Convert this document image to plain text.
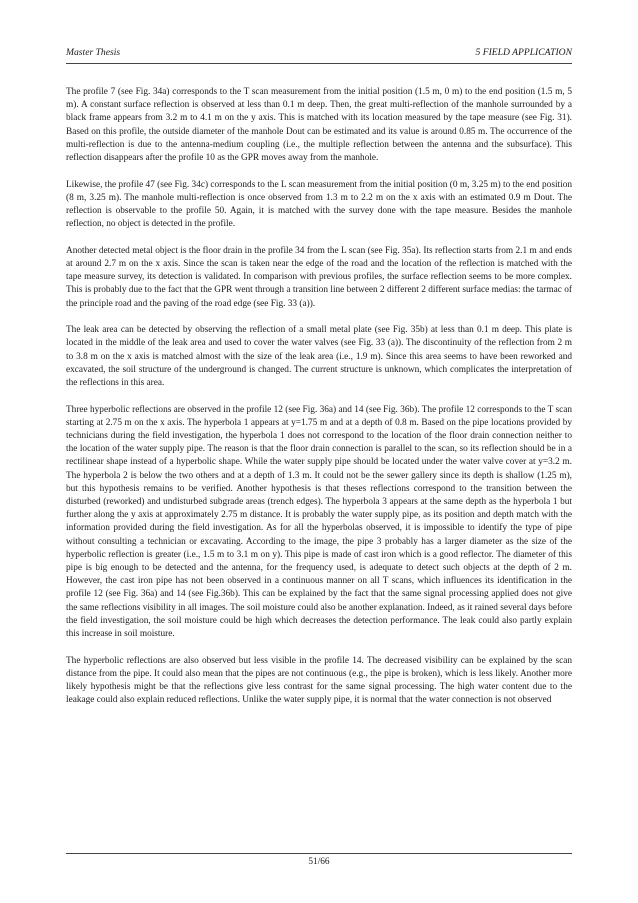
Master Thesis	5 FIELD APPLICATION

The profile 7 (see Fig. 34a) corresponds to the T scan measurement from the initial position (1.5 m, 0 m) to the end position (1.5 m, 5 m). A constant surface reflection is observed at less than 0.1 m deep. Then, the great multi-reflection of the manhole surrounded by a black frame appears from 3.2 m to 4.1 m on the y axis. This is matched with its location measured by the tape measure (see Fig. 31). Based on this profile, the outside diameter of the manhole Dout can be estimated and its value is around 0.85 m. The occurrence of the multi-reflection is due to the antenna-medium coupling (i.e., the multiple reflection between the antenna and the subsurface). This reflection disappears after the profile 10 as the GPR moves away from the manhole.

Likewise, the profile 47 (see Fig. 34c) corresponds to the L scan measurement from the initial position (0 m, 3.25 m) to the end position (8 m, 3.25 m). The manhole multi-reflection is once observed from 1.3 m to 2.2 m on the x axis with an estimated 0.9 m Dout. The reflection is observable to the profile 50. Again, it is matched with the survey done with the tape measure. Besides the manhole reflection, no object is detected in the profile.

Another detected metal object is the floor drain in the profile 34 from the L scan (see Fig. 35a). Its reflection starts from 2.1 m and ends at around 2.7 m on the x axis. Since the scan is taken near the edge of the road and the location of the reflection is matched with the tape measure survey, its detection is validated. In comparison with previous profiles, the surface reflection seems to be more complex. This is probably due to the fact that the GPR went through a transition line between 2 different 2 different surface medias: the tarmac of the principle road and the paving of the road edge (see Fig. 33 (a)).

The leak area can be detected by observing the reflection of a small metal plate (see Fig. 35b) at less than 0.1 m deep. This plate is located in the middle of the leak area and used to cover the water valves (see Fig. 33 (a)). The discontinuity of the reflection from 2 m to 3.8 m on the x axis is matched almost with the size of the leak area (i.e., 1.9 m). Since this area seems to have been reworked and excavated, the soil structure of the underground is changed. The current structure is unknown, which complicates the interpretation of the reflections in this area.

Three hyperbolic reflections are observed in the profile 12 (see Fig. 36a) and 14 (see Fig. 36b). The profile 12 corresponds to the T scan starting at 2.75 m on the x axis. The hyperbola 1 appears at y=1.75 m and at a depth of 0.8 m. Based on the pipe locations provided by technicians during the field investigation, the hyperbola 1 does not correspond to the location of the floor drain connection neither to the location of the water supply pipe. The reason is that the floor drain connection is parallel to the scan, so its reflection should be in a rectilinear shape instead of a hyperbolic shape. While the water supply pipe should be located under the water valve cover at y=3.2 m. The hyperbola 2 is below the two others and at a depth of 1.3 m. It could not be the sewer gallery since its depth is shallow (1.25 m), but this hypothesis remains to be verified. Another hypothesis is that theses reflections correspond to the transition between the disturbed (reworked) and undisturbed subgrade areas (trench edges). The hyperbola 3 appears at the same depth as the hyperbola 1 but further along the y axis at approximately 2.75 m distance. It is probably the water supply pipe, as its position and depth match with the information provided during the field investigation. As for all the hyperbolas observed, it is impossible to identify the type of pipe without consulting a technician or excavating. According to the image, the pipe 3 probably has a larger diameter as the size of the hyperbolic reflection is greater (i.e., 1.5 m to 3.1 m on y). This pipe is made of cast iron which is a good reflector. The diameter of this pipe is big enough to be detected and the antenna, for the frequency used, is adequate to detect such objects at the depth of 2 m. However, the cast iron pipe has not been observed in a continuous manner on all T scans, which influences its identification in the profile 12 (see Fig. 36a) and 14 (see Fig.36b). This can be explained by the fact that the same signal processing applied does not give the same reflections visibility in all images. The soil moisture could also be another explanation. Indeed, as it rained several days before the field investigation, the soil moisture could be high which decreases the detection performance. The leak could also partly explain this increase in soil moisture.

The hyperbolic reflections are also observed but less visible in the profile 14. The decreased visibility can be explained by the scan distance from the pipe. It could also mean that the pipes are not continuous (e.g., the pipe is broken), which is less likely. Another more likely hypothesis might be that the reflections give less contrast for the same signal processing. The high water content due to the leakage could also explain reduced reflections. Unlike the water supply pipe, it is normal that the water connection is not observed

51/66
